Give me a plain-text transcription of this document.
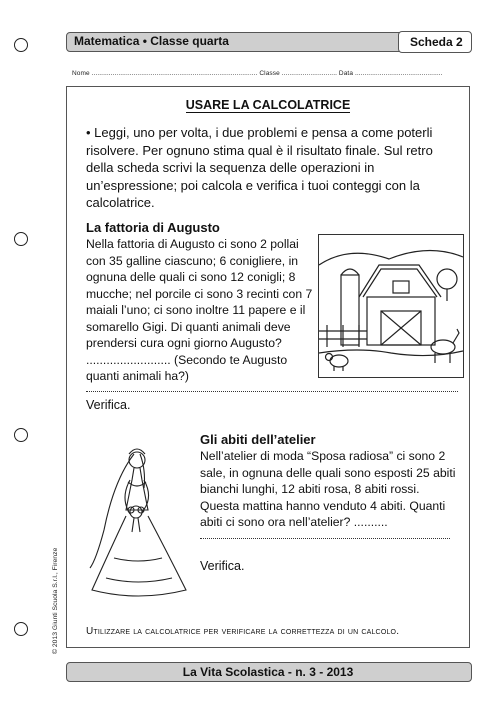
Matematica • Classe quarta	Scheda 2
Nome ....................................................................................... Classe ............................. Data ..............................................
USARE LA CALCOLATRICE
• Leggi, uno per volta, i due problemi e pensa a come poterli risolvere. Per ognuno stima qual è il risultato finale. Sul retro della scheda scrivi la sequenza delle operazioni in un’espressione; poi calcola e verifica i tuoi conteggi con la calcolatrice.
La fattoria di Augusto
Nella fattoria di Augusto ci sono 2 pollai con 35 galline ciascuno; 6 conigliere, in ognuna delle quali ci sono 12 conigli; 8 mucche; nel porcile ci sono 3 recinti con 7 maiali l’uno; ci sono inoltre 11 papere e il somarello Gigi. Di quanti animali deve prendersi cura ogni giorno Augusto? ......................... (Secondo te Augusto quanti animali ha?)
Verifica.
Gli abiti dell’atelier
Nell’atelier di moda “Sposa radiosa” ci sono 2 sale, in ognuna delle quali sono esposti 25 abiti bianchi lunghi, 12 abiti rosa, 8 abiti rossi. Questa mattina hanno venduto 4 abiti. Quanti abiti ci sono ora nell’atelier? ..........
Verifica.
Utilizzare la calcolatrice per verificare la correttezza di un calcolo.
© 2013 Giunti Scuola S.r.l., Firenze
La Vita Scolastica - n. 3 - 2013
